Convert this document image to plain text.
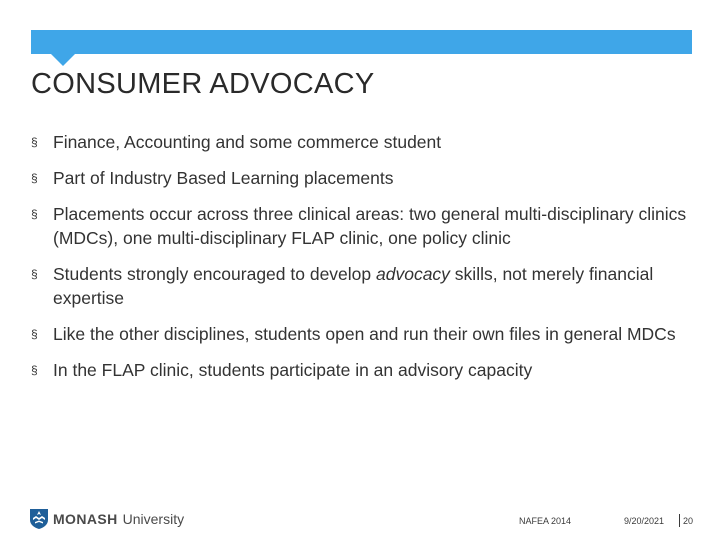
CONSUMER ADVOCACY
§ Finance, Accounting and some commerce student
§ Part of Industry Based Learning placements
§ Placements occur across three clinical areas: two general multi-disciplinary clinics (MDCs), one multi-disciplinary FLAP clinic, one policy clinic
§ Students strongly encouraged to develop advocacy skills, not merely financial expertise
§ Like the other disciplines, students open and run their own files in general MDCs
§ In the FLAP clinic, students participate in an advisory capacity
MONASH University	NAFEA 2014	9/20/2021 20
